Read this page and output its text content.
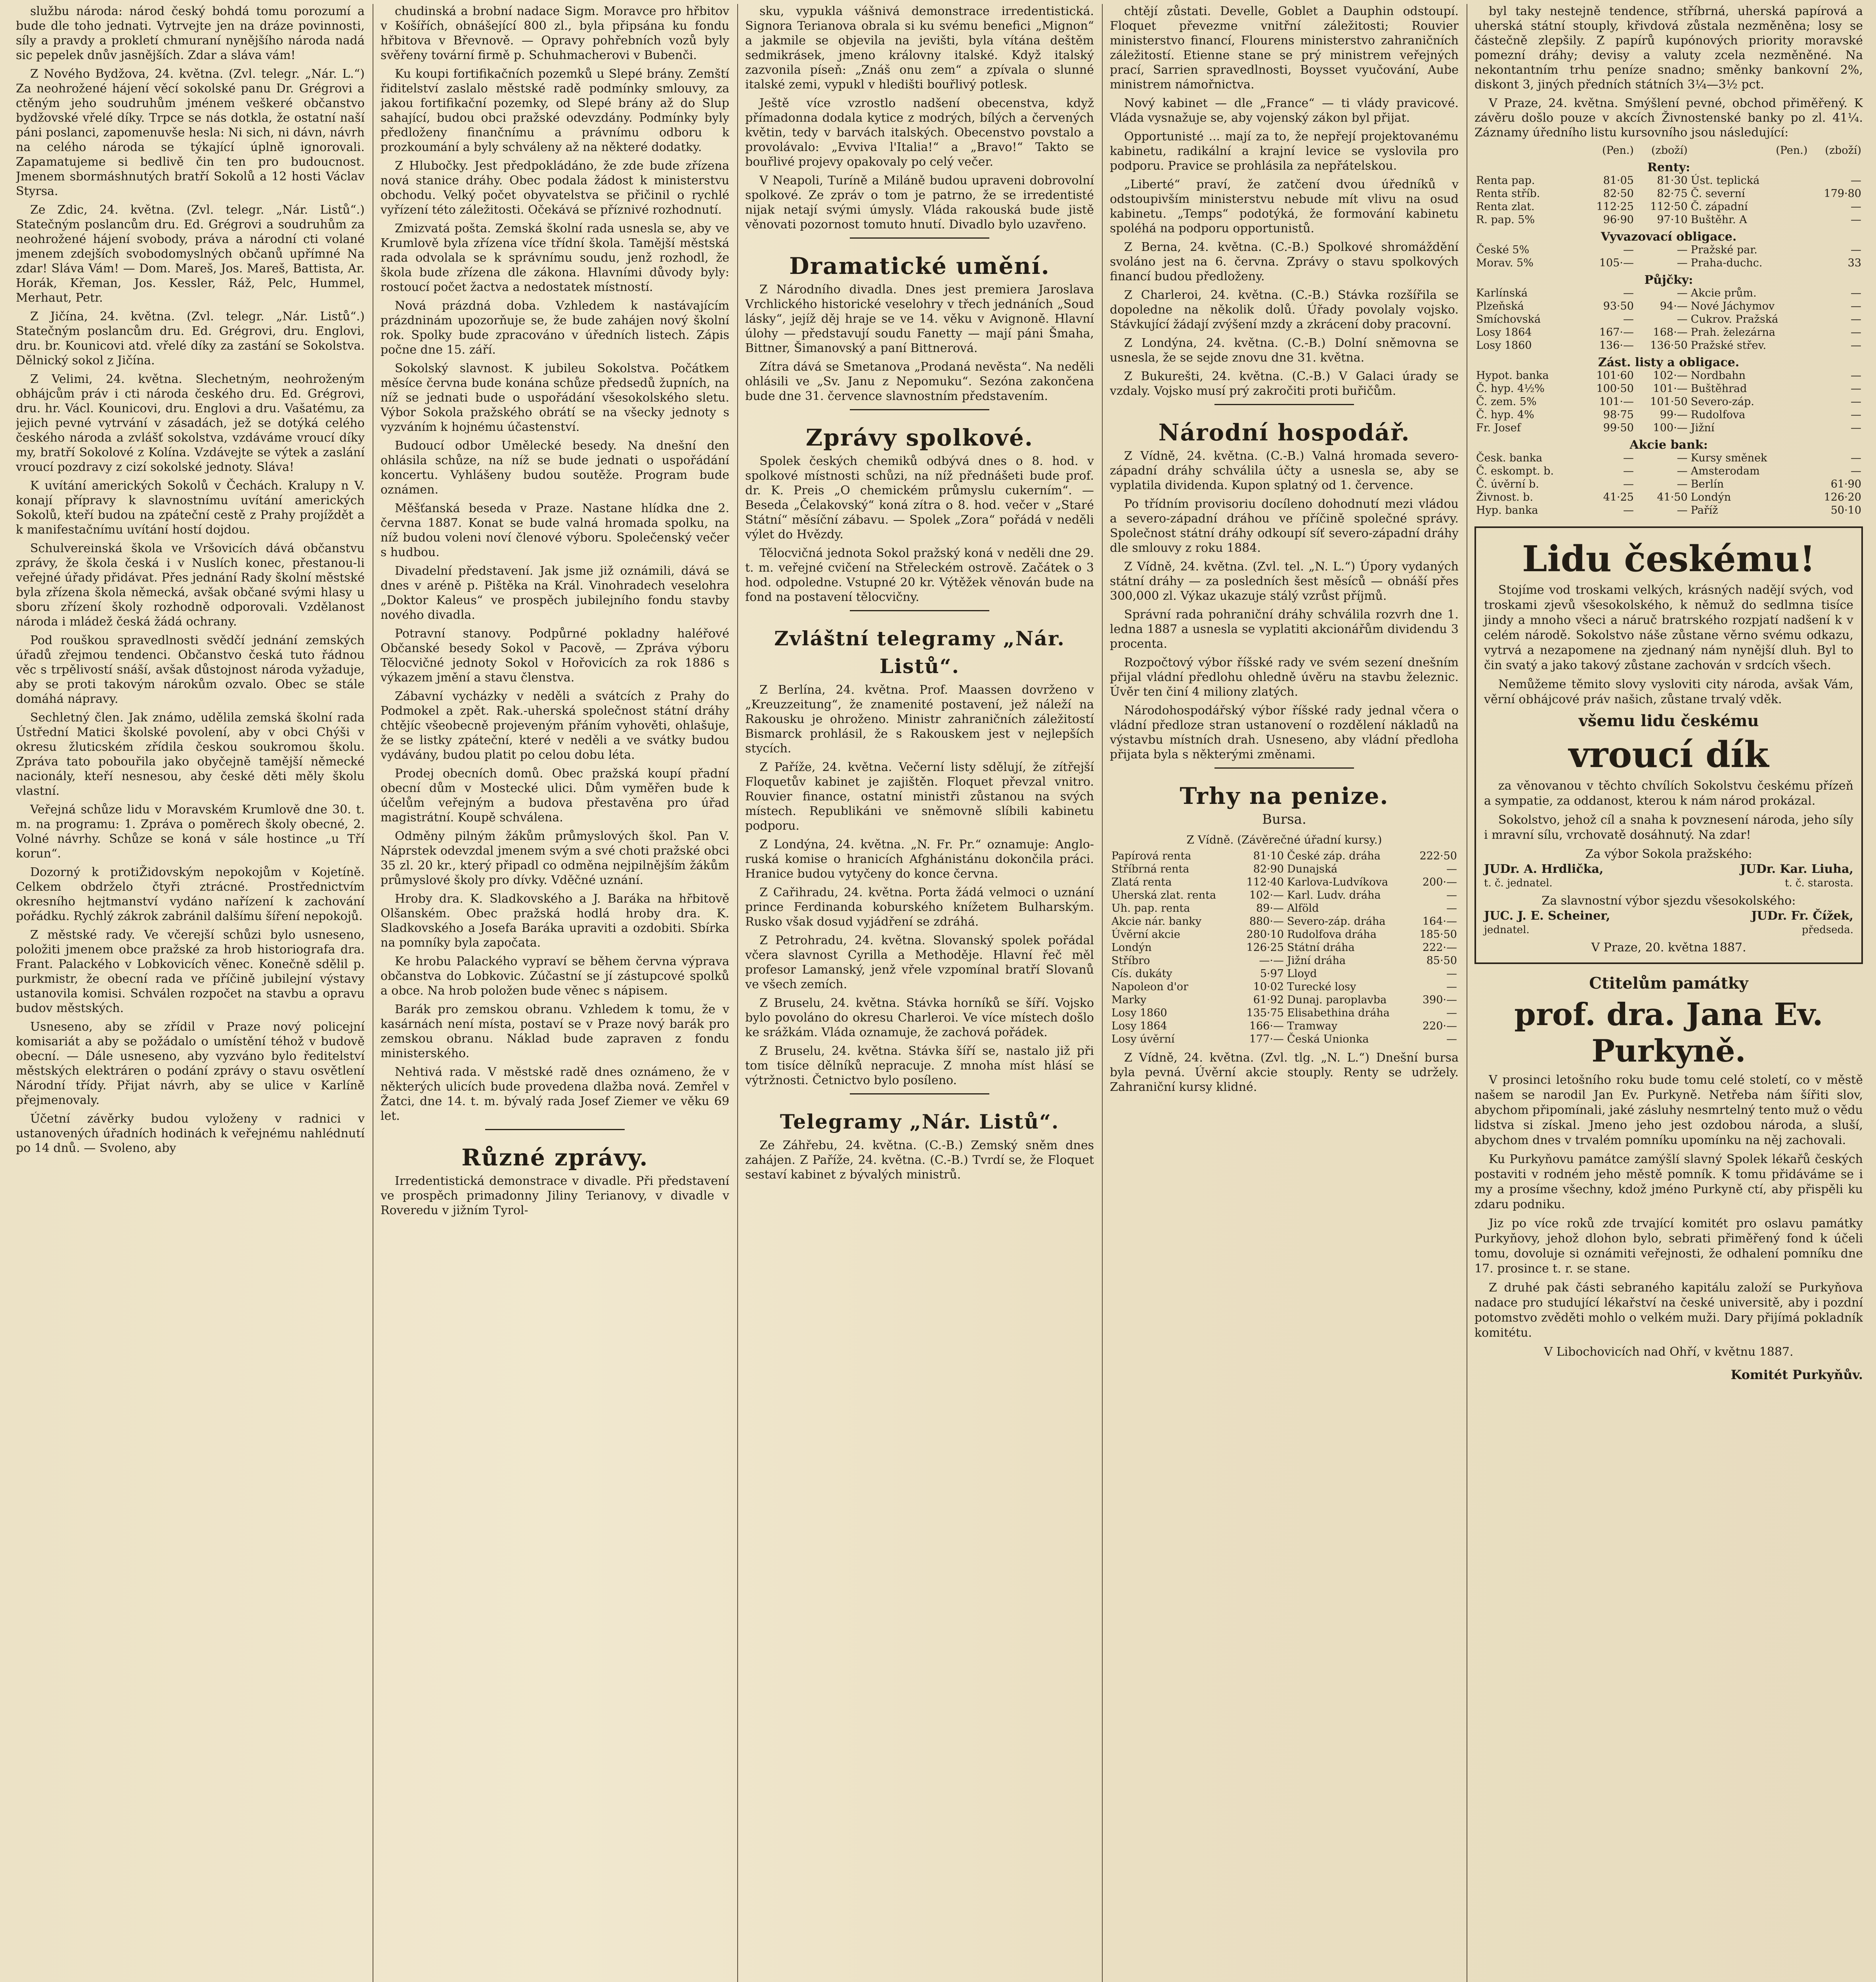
službu národa: národ český bohdá tomu porozumí a bude dle toho jednati. Vytrvejte jen na dráze povinnosti, síly a pravdy a prokletí chmuraní nynějšího národa nadá sic pepelek dnův jasnějších. Zdar a sláva vám!

Z Nového Bydžova, 24. května. (Zvl. telegr. „Nár. L.“) Za neohrožené hájení věcí sokolské panu Dr. Grégrovi a ctěným jeho soudruhům jménem veškeré občanstvo bydžovské vřelé díky. Trpce se nás dotkla, že ostatní naší páni poslanci, zapomenuvše hesla: Ni sich, ni dávn, návrh na celého národa se týkající úplně ignorovali. Zapamatujeme si bedlivě čin ten pro budoucnost. Jmenem sbormáshnutých bratří Sokolů a 12 hosti Václav Styrsa.

Ze Zdic, 24. května. (Zvl. telegr. „Nár. Listů“.) Statečným poslancům dru. Ed. Grégrovi a soudruhům za neohrožené hájení svobody, práva a národní cti volané jmenem zdejších svobodomyslných občanů upřímné Na zdar! Sláva Vám! — Dom. Mareš, Jos. Mareš, Battista, Ar. Horák, Křeman, Jos. Kessler, Ráž, Pelc, Hummel, Merhaut, Petr.

Z Jičína, 24. května. (Zvl. telegr. „Nár. Listů“.) Statečným poslancům dru. Ed. Grégrovi, dru. Englovi, dru. br. Kounicovi atd. vřelé díky za zastání se Sokolstva. Dělnický sokol z Jičína.

Z Velimi, 24. května. Slechetným, neohroženým obhájcům práv i cti národa českého dru. Ed. Grégrovi, dru. hr. Václ. Kounicovi, dru. Englovi a dru. Vašatému, za jejich pevné vytrvání v zásadách, jež se dotýká celého českého národa a zvlášť sokolstva, vzdáváme vroucí díky my, bratří Sokolové z Kolína. Vzdávejte se výtek a zaslání vroucí pozdravy z cizí sokolské jednoty. Sláva!

K uvítání amerických Sokolů v Čechách. Kralupy n V. konají přípravy k slavnostnímu uvítání amerických Sokolů, kteří budou na zpáteční cestě z Prahy projíždět a k manifestačnímu uvítání hostí dojdou.

Schulvereinská škola ve Vršovicích dává občanstvu zprávy, že škola česká i v Nuslích konec, přestanou-li veřejné úřady přidávat. Přes jednání Rady školní městské byla zřízena škola německá, avšak občané svými hlasy u sboru zřízení školy rozhodně odporovali. Vzdělanost národa i mládež česká žádá ochrany.

Pod rouškou spravedlnosti svědčí jednání zemských úřadů zřejmou tendenci. Občanstvo česká tuto řádnou věc s trpělivostí snáší, avšak důstojnost národa vyžaduje, aby se proti takovým nárokům ozvalo. Obec se stále domáhá nápravy.

Sechletný člen. Jak známo, udělila zemská školní rada Ústřední Matici školské povolení, aby v obci Chýši v okresu žluticském zřídila českou soukromou školu. Zpráva tato pobouřila jako obyčejně tamější německé nacionály, kteří nesnesou, aby české děti měly školu vlastní.

Veřejná schůze lidu v Moravském Krumlově dne 30. t. m. na programu: 1. Zpráva o poměrech školy obecné, 2. Volné návrhy. Schůze se koná v sále hostince „u Tří korun“.

Dozorný k protiŽidovským nepokojům v Kojetíně. Celkem obdrželo čtyři ztrácné. Prostřednictvím okresního hejtmanství vydáno nařízení k zachování pořádku. Rychlý zákrok zabránil dalšímu šíření nepokojů.

Z městské rady. Ve včerejší schůzi bylo usneseno, položiti jmenem obce pražské za hrob historiografa dra. Frant. Palackého v Lobkovicích věnec. Konečně sdělil p. purkmistr, že obecní rada ve příčině jubilejní výstavy ustanovila komisi. Schválen rozpočet na stavbu a opravu budov městských.

Usneseno, aby se zřídil v Praze nový policejní komisariát a aby se požádalo o umístění téhož v budově obecní. — Dále usneseno, aby vyzváno bylo ředitelství městských elektráren o podání zprávy o stavu osvětlení Národní třídy. Přijat návrh, aby se ulice v Karlíně přejmenovaly.

Účetní závěrky budou vyloženy v radnici v ustanovených úřadních hodinách k veřejnému nahlédnutí po 14 dnů. — Svoleno, aby

chudinská a brobní nadace Sigm. Moravce pro hřbitov v Košířích, obnášející 800 zl., byla připsána ku fondu hřbitova v Břevnově. — Opravy pohřebních vozů byly svěřeny tovární firmě p. Schuhmacherovi v Bubenči.

Ku koupi fortifikačních pozemků u Slepé brány. Zemští řiditelství zaslalo městské radě podmínky smlouvy, za jakou fortifikační pozemky, od Slepé brány až do Slup sahající, budou obci pražské odevzdány. Podmínky byly předloženy finančnímu a právnímu odboru k prozkoumání a byly schváleny až na některé dodatky.

Z Hlubočky. Jest předpokládáno, že zde bude zřízena nová stanice dráhy. Obec podala žádost k ministerstvu obchodu. Velký počet obyvatelstva se přičinil o rychlé vyřízení této záležitosti. Očekává se příznivé rozhodnutí.

Zmizvatá pošta. Zemská školní rada usnesla se, aby ve Krumlově byla zřízena více třídní škola. Tamější městská rada odvolala se k správnímu soudu, jenž rozhodl, že škola bude zřízena dle zákona. Hlavními důvody byly: rostoucí počet žactva a nedostatek místností.

Nová prázdná doba. Vzhledem k nastávajícím prázdninám upozorňuje se, že bude zahájen nový školní rok. Spolky bude zpracováno v úředních listech. Zápis počne dne 15. září.

Sokolský slavnost. K jubileu Sokolstva. Počátkem měsíce června bude konána schůze předsedů župních, na níž se jednati bude o uspořádání všesokolského sletu. Výbor Sokola pražského obrátí se na všecky jednoty s vyzváním k hojnému účastenství.

Budoucí odbor Umělecké besedy. Na dnešní den ohlásila schůze, na níž se bude jednati o uspořádání koncertu. Vyhlášeny budou soutěže. Program bude oznámen.

Měšťanská beseda v Praze. Nastane hlídka dne 2. června 1887. Konat se bude valná hromada spolku, na níž budou voleni noví členové výboru. Společenský večer s hudbou.

Divadelní představení. Jak jsme již oznámili, dává se dnes v aréně p. Pištěka na Král. Vinohradech veselohra „Doktor Kaleus“ ve prospěch jubilejního fondu stavby nového divadla.

Potravní stanovy. Podpůrné pokladny haléřové Občanské besedy Sokol v Pacově, — Zpráva výboru Tělocvičné jednoty Sokol v Hořovicích za rok 1886 s výkazem jmění a stavu členstva.

Zábavní vycházky v neděli a svátcích z Prahy do Podmokel a zpět. Rak.-uherská společnost státní dráhy chtějíc všeobecně projeveným přáním vyhověti, ohlašuje, že se listky zpáteční, které v neděli a ve svátky budou vydávány, budou platit po celou dobu léta.

Prodej obecních domů. Obec pražská koupí přadní obecní dům v Mostecké ulici. Dům vyměřen bude k účelům veřejným a budova přestavěna pro úřad magistrátní. Koupě schválena.

Odměny pilným žákům průmyslových škol. Pan V. Náprstek odevzdal jmenem svým a své choti pražské obci 35 zl. 20 kr., který připadl co odměna nejpilnějším žákům průmyslové školy pro dívky. Vděčné uznání.

Hroby dra. K. Sladkovského a J. Baráka na hřbitově Olšanském. Obec pražská hodlá hroby dra. K. Sladkovského a Josefa Baráka upraviti a ozdobiti. Sbírka na pomníky byla započata.

Ke hrobu Palackého vypraví se během června výprava občanstva do Lobkovic. Zúčastní se jí zástupcové spolků a obce. Na hrob položen bude věnec s nápisem.

Barák pro zemskou obranu. Vzhledem k tomu, že v kasárnách není místa, postaví se v Praze nový barák pro zemskou obranu. Náklad bude zapraven z fondu ministerského.

Nehtivá rada. V městské radě dnes oznámeno, že v některých ulicích bude provedena dlažba nová. Zemřel v Žatci, dne 14. t. m. bývalý rada Josef Ziemer ve věku 69 let.

Různé zprávy.

Irredentistická demonstrace v divadle. Při představení ve prospěch primadonny Jiliny Terianovy, v divadle v Roveredu v jižním Tyrol-

sku, vypukla vášnivá demonstrace irredentistická. Signora Terianova obrala si ku svému benefici „Mignon“ a jakmile se objevila na jevišti, byla vítána deštěm sedmikrásek, jmeno královny italské. Když italský zazvonila píseň: „Znáš onu zem“ a zpívala o slunné italské zemi, vypukl v hledišti bouřlivý potlesk.

Ještě více vzrostlo nadšení obecenstva, když přímadonna dodala kytice z modrých, bílých a červených květin, tedy v barvách italských. Obecenstvo povstalo a provolávalo: „Evviva l'Italia!“ a „Bravo!“ Takto se bouřlivé projevy opakovaly po celý večer.

V Neapoli, Turíně a Miláně budou upraveni dobrovolní spolkové. Ze zpráv o tom je patrno, že se irredentisté nijak netají svými úmysly. Vláda rakouská bude jistě věnovati pozornost tomuto hnutí. Divadlo bylo uzavřeno.

Dramatické umění.

Z Národního divadla. Dnes jest premiera Jaroslava Vrchlického historické veselohry v třech jednáních „Soud lásky“, jejíž děj hraje se ve 14. věku v Avignoně. Hlavní úlohy — představují soudu Fanetty — mají páni Šmaha, Bittner, Šimanovský a paní Bittnerová.

Zítra dává se Smetanova „Prodaná nevěsta“. Na neděli ohlásili ve „Sv. Janu z Nepomuku“. Sezóna zakončena bude dne 31. července slavnostním představením.

Zprávy spolkové.

Spolek českých chemiků odbývá dnes o 8. hod. v spolkové místnosti schůzi, na níž přednášeti bude prof. dr. K. Preis „O chemickém průmyslu cukerním“. — Beseda „Čelakovský“ koná zítra o 8. hod. večer v „Staré Státní“ měsíční zábavu. — Spolek „Zora“ pořádá v neděli výlet do Hvězdy.

Tělocvičná jednota Sokol pražský koná v neděli dne 29. t. m. veřejné cvičení na Střeleckém ostrově. Začátek o 3 hod. odpoledne. Vstupné 20 kr. Výtěžek věnován bude na fond na postavení tělocvičny.

Zvláštní telegramy „Nár. Listů“.

Z Berlína, 24. května. Prof. Maassen dovrženo v „Kreuzzeitung“, že znamenité postavení, jež náleží na Rakousku je ohroženo. Ministr zahraničních záležitostí Bismarck prohlásil, že s Rakouskem jest v nejlepších stycích.

Z Paříže, 24. května. Večerní listy sdělují, že zítřejší Floquetův kabinet je zajištěn. Floquet převzal vnitro. Rouvier finance, ostatní ministři zůstanou na svých místech. Republikáni ve sněmovně slíbili kabinetu podporu.

Z Londýna, 24. května. „N. Fr. Pr.“ oznamuje: Anglo-ruská komise o hranicích Afghánistánu dokončila práci. Hranice budou vytyčeny do konce června.

Z Cařihradu, 24. května. Porta žádá velmoci o uznání prince Ferdinanda koburského knížetem Bulharským. Rusko však dosud vyjádření se zdráhá.

Z Petrohradu, 24. května. Slovanský spolek pořádal včera slavnost Cyrilla a Methoděje. Hlavní řeč měl profesor Lamanský, jenž vřele vzpomínal bratří Slovanů ve všech zemích.

Z Bruselu, 24. května. Stávka horníků se šíří. Vojsko bylo povoláno do okresu Charleroi. Ve více místech došlo ke srážkám. Vláda oznamuje, že zachová pořádek.

Z Bruselu, 24. května. Stávka šíří se, nastalo již při tom tisíce dělníků nepracuje. Z mnoha míst hlásí se výtržnosti. Četnictvo bylo posíleno.

Telegramy „Nár. Listů“.

Ze Záhřebu, 24. května. (C.-B.) Zemský sněm dnes zahájen. Z Paříže, 24. května. (C.-B.) Tvrdí se, že Floquet sestaví kabinet z bývalých ministrů.

chtějí zůstati. Develle, Goblet a Dauphin odstoupí. Floquet převezme vnitřní záležitosti; Rouvier ministerstvo financí, Flourens ministerstvo zahraničních záležitostí. Etienne stane se prý ministrem veřejných prací, Sarrien spravedlnosti, Boysset vyučování, Aube ministrem námořnictva.

Nový kabinet — dle „France“ — ti vlády pravicové. Vláda vysnažuje se, aby vojenský zákon byl přijat.

Opportunisté ... mají za to, že nepřejí projektovanému kabinetu, radikální a krajní levice se vyslovila pro podporu. Pravice se prohlásila za nepřátelskou.

„Liberté“ praví, že zatčení dvou úředníků v odstoupivším ministerstvu nebude mít vlivu na osud kabinetu. „Temps“ podotýká, že formování kabinetu spoléhá na podporu opportunistů.

Z Berna, 24. května. (C.-B.) Spolkové shromáždění svoláno jest na 6. června. Zprávy o stavu spolkových financí budou předloženy.

Z Charleroi, 24. května. (C.-B.) Stávka rozšířila se dopoledne na několik dolů. Úřady povolaly vojsko. Stávkující žádají zvýšení mzdy a zkrácení doby pracovní.

Z Londýna, 24. května. (C.-B.) Dolní sněmovna se usnesla, že se sejde znovu dne 31. května.

Z Bukurešti, 24. května. (C.-B.) V Galaci úrady se vzdaly. Vojsko musí prý zakročiti proti buřičům.

Národní hospodář.

Z Vídně, 24. května. (C.-B.) Valná hromada severo-západní dráhy schválila účty a usnesla se, aby se vyplatila dividenda. Kupon splatný od 1. července.

Po třídním provisoriu docíleno dohodnutí mezi vládou a severo-západní dráhou ve příčině společné správy. Společnost státní dráhy odkoupí síť severo-západní dráhy dle smlouvy z roku 1884.

Z Vídně, 24. května. (Zvl. tel. „N. L.“) Úpory vydaných státní dráhy — za posledních šest měsíců — obnáší přes 300,000 zl. Výkaz ukazuje stálý vzrůst příjmů.

Správní rada pohraniční dráhy schválila rozvrh dne 1. ledna 1887 a usnesla se vyplatiti akcionářům dividendu 3 procenta.

Rozpočtový výbor říšské rady ve svém sezení dnešním přijal vládní předlohu ohledně úvěru na stavbu železnic. Úvěr ten činí 4 miliony zlatých.

Národohospodářský výbor říšské rady jednal včera o vládní předloze stran ustanovení o rozdělení nákladů na výstavbu místních drah. Usneseno, aby vládní předloha přijata byla s některými změnami.

Trhy na penize.
Bursa.
Z Vídně. (Závěrečné úřadní kursy.)
Papírová renta	81·10	České záp. dráha	222·50
Stříbrná renta	82·90	Dunajská	—
Zlatá renta	112·40	Karlova-Ludvíkova	200·—
Uherská zlat. renta	102·—	Karl. Ludv. dráha	—
Uh. pap. renta	89·—	Alföld	—
Akcie nár. banky	880·—	Severo-záp. dráha	164·—
Úvěrní akcie	280·10	Rudolfova dráha	185·50
Londýn	126·25	Státní dráha	222·—
Stříbro	—·—	Jižní dráha	85·50
Cís. dukáty	5·97	Lloyd	—
Napoleon d'or	10·02	Turecké losy	—
Marky	61·92	Dunaj. paroplavba	390·—
Losy 1860	135·75	Elisabethina dráha	—
Losy 1864	166·—	Tramway	220·—
Losy úvěrní	177·—	Česká Unionka	—

Z Vídně, 24. května. (Zvl. tlg. „N. L.“) Dnešní bursa byla pevná. Úvěrní akcie stouply. Renty se udržely. Zahraniční kursy klidné.

byl taky nestejně tendence, stříbrná, uherská papírová a uherská státní stouply, křivdová zůstala nezměněna; losy se částečně zlepšily. Z papírů kupónových priority moravské pomezní dráhy; devisy a valuty zcela nezměněné. Na nekontantním trhu peníze snadno; směnky bankovní 2%, diskont 3, jiných předních státních 3¼—3½ pct.

V Praze, 24. května. Smýšlení pevné, obchod přiměřený. K závěru došlo pouze v akcích Živnostenské banky po zl. 41¼. Záznamy úředního listu kursovního jsou následující:

	(Pen.)	(zboží)	(Pen.)	(zboží)
Renty:				
Renta pap.	81·05	81·30	Úst. teplická	—
Renta stříb.	82·50	82·75	Č. severní	179·80
Renta zlat.	112·25	112·50	Č. západní	—
R. pap. 5%	96·90	97·10	Buštěhr. A	—
Vyvazovací obligace.				
České 5%	—	—	Pražské par.	—
Morav. 5%	105·—	—	Praha-duchc.	33
Půjčky:				
Karlínská	—	—	Akcie prům.	—
Plzeňská	93·50	94·—	Nové Jáchymov	—
Smíchovská	—	—	Cukrov. Pražská	—
Losy 1864	167·—	168·—	Prah. železárna	—
Losy 1860	136·—	136·50	Pražské střev.	—
Zást. listy a obligace.				
Hypot. banka	101·60	102·—	Nordbahn	—
Č. hyp. 4½%	100·50	101·—	Buštěhrad	—
Č. zem. 5%	101·—	101·50	Severo-záp.	—
Č. hyp. 4%	98·75	99·—	Rudolfova	—
Fr. Josef	99·50	100·—	Jižní	—
Akcie bank:				
Česk. banka	—	—	Kursy směnek	—
Č. eskompt. b.	—	—	Amsterodam	—
Č. úvěrní b.	—	—	Berlín	61·90
Živnost. b.	41·25	41·50	Londýn	126·20
Hyp. banka	—	—	Paříž	50·10
Lidu českému!

Stojíme vod troskami velkých, krásných nadějí svých, vod troskami zjevů všesokolského, k němuž do sedlmna tisíce jindy a mnoho všeci a náruč bratrského rozpjatí nadšení k v celém národě. Sokolstvo náše zůstane věrno svému odkazu, vytrvá a nezapomene na zjednaný nám nynější dluh. Byl to čin svatý a jako takový zůstane zachován v srdcích všech.

Nemůžeme těmito slovy vysloviti city národa, avšak Vám, věrní obhájcové práv našich, zůstane trvalý vděk.

všemu lidu českému
vroucí dík

za věnovanou v těchto chvílích Sokolstvu českému přízeň a sympatie, za oddanost, kterou k nám národ prokázal.

Sokolstvo, jehož cíl a snaha k povznesení národa, jeho síly i mravní sílu, vrchovatě dosáhnutý. Na zdar!

Za výbor Sokola pražského:
JUDr. A. Hrdlička,	JUDr. Kar. Liuha,
t. č. jednatel.	t. č. starosta.
Za slavnostní výbor sjezdu všesokolského:
JUC. J. E. Scheiner,	JUDr. Fr. Čížek,
jednatel.	předseda.
V Praze, 20. května 1887.
Ctitelům památky
prof. dra. Jana Ev. Purkyně.

V prosinci letošního roku bude tomu celé století, co v městě našem se narodil Jan Ev. Purkyně. Netřeba nám šířiti slov, abychom připomínali, jaké zásluhy nesmrtelný tento muž o vědu lidstva si získal. Jmeno jeho jest ozdobou národa, a sluší, abychom dnes v trvalém pomníku upomínku na něj zachovali.

Ku Purkyňovu památce zamýšlí slavný Spolek lékařů českých postaviti v rodném jeho městě pomník. K tomu přidáváme se i my a prosíme všechny, kdož jméno Purkyně ctí, aby přispěli ku zdaru podniku.

Jiz po více roků zde trvající komitét pro oslavu památky Purkyňovy, jehož dlohon bylo, sebrati přiměřený fond k účeli tomu, dovoluje si oznámiti veřejnosti, že odhalení pomníku dne 17. prosince t. r. se stane.

Z druhé pak části sebraného kapitálu založí se Purkyňova nadace pro studující lékařství na české universitě, aby i pozdní potomstvo zvěděti mohlo o velkém muži. Dary přijímá pokladník komitétu.

V Libochovicích nad Ohří, v květnu 1887.
Komitét Purkyňův.
